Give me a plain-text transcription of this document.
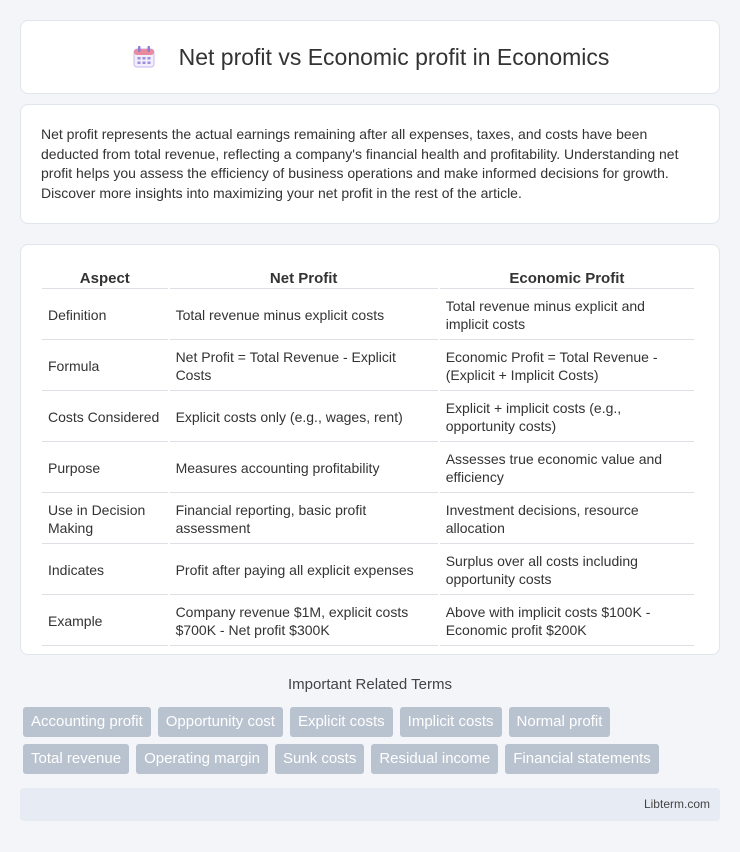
Net profit vs Economic profit in Economics

Net profit represents the actual earnings remaining after all expenses, taxes, and costs have been deducted from total revenue, reflecting a company's financial health and profitability. Understanding net profit helps you assess the efficiency of business operations and make informed decisions for growth. Discover more insights into maximizing your net profit in the rest of the article.

Aspect	Net Profit	Economic Profit
Definition	Total revenue minus explicit costs	Total revenue minus explicit and implicit costs
Formula	Net Profit = Total Revenue - Explicit Costs	Economic Profit = Total Revenue - (Explicit + Implicit Costs)
Costs Considered	Explicit costs only (e.g., wages, rent)	Explicit + implicit costs (e.g., opportunity costs)
Purpose	Measures accounting profitability	Assesses true economic value and efficiency
Use in Decision Making	Financial reporting, basic profit assessment	Investment decisions, resource allocation
Indicates	Profit after paying all explicit expenses	Surplus over all costs including opportunity costs
Example	Company revenue $1M, explicit costs $700K - Net profit $300K	Above with implicit costs $100K - Economic profit $200K
Important Related Terms
Accounting profit	Opportunity cost	Explicit costs	Implicit costs	Normal profit
Total revenue	Operating margin	Sunk costs	Residual income	Financial statements
Libterm.com
